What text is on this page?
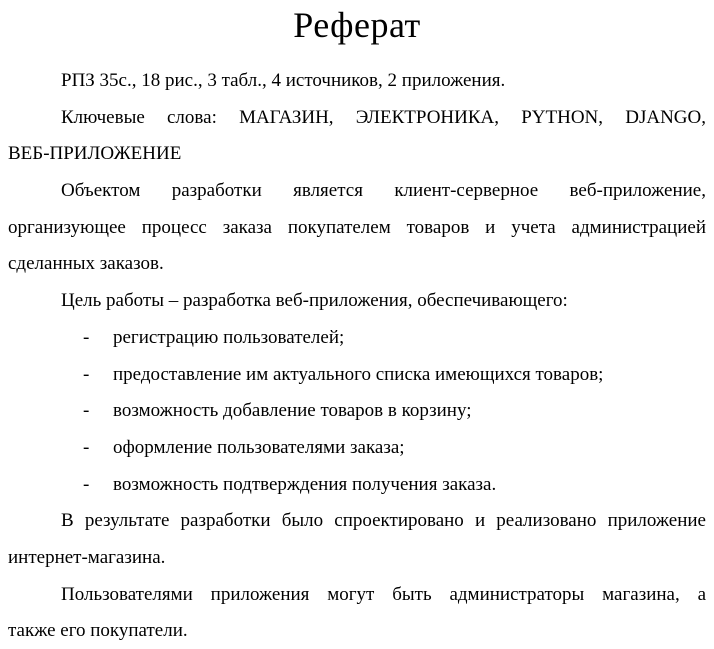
Реферат
РПЗ 35с., 18 рис., 3 табл., 4 источников, 2 приложения.
Ключевые слова: МАГАЗИН, ЭЛЕКТРОНИКА, PYTHON, DJANGO,
ВЕБ-ПРИЛОЖЕНИЕ
Объектом разработки является клиент-серверное веб-приложение,
организующее процесс заказа покупателем товаров и учета администрацией
сделанных заказов.
Цель работы – разработка веб-приложения, обеспечивающего:
- регистрацию пользователей;
- предоставление им актуального списка имеющихся товаров;
- возможность добавление товаров в корзину;
- оформление пользователями заказа;
- возможность подтверждения получения заказа.
В результате разработки было спроектировано и реализовано приложение
интернет-магазина.
Пользователями приложения могут быть администраторы магазина, а
также его покупатели.
